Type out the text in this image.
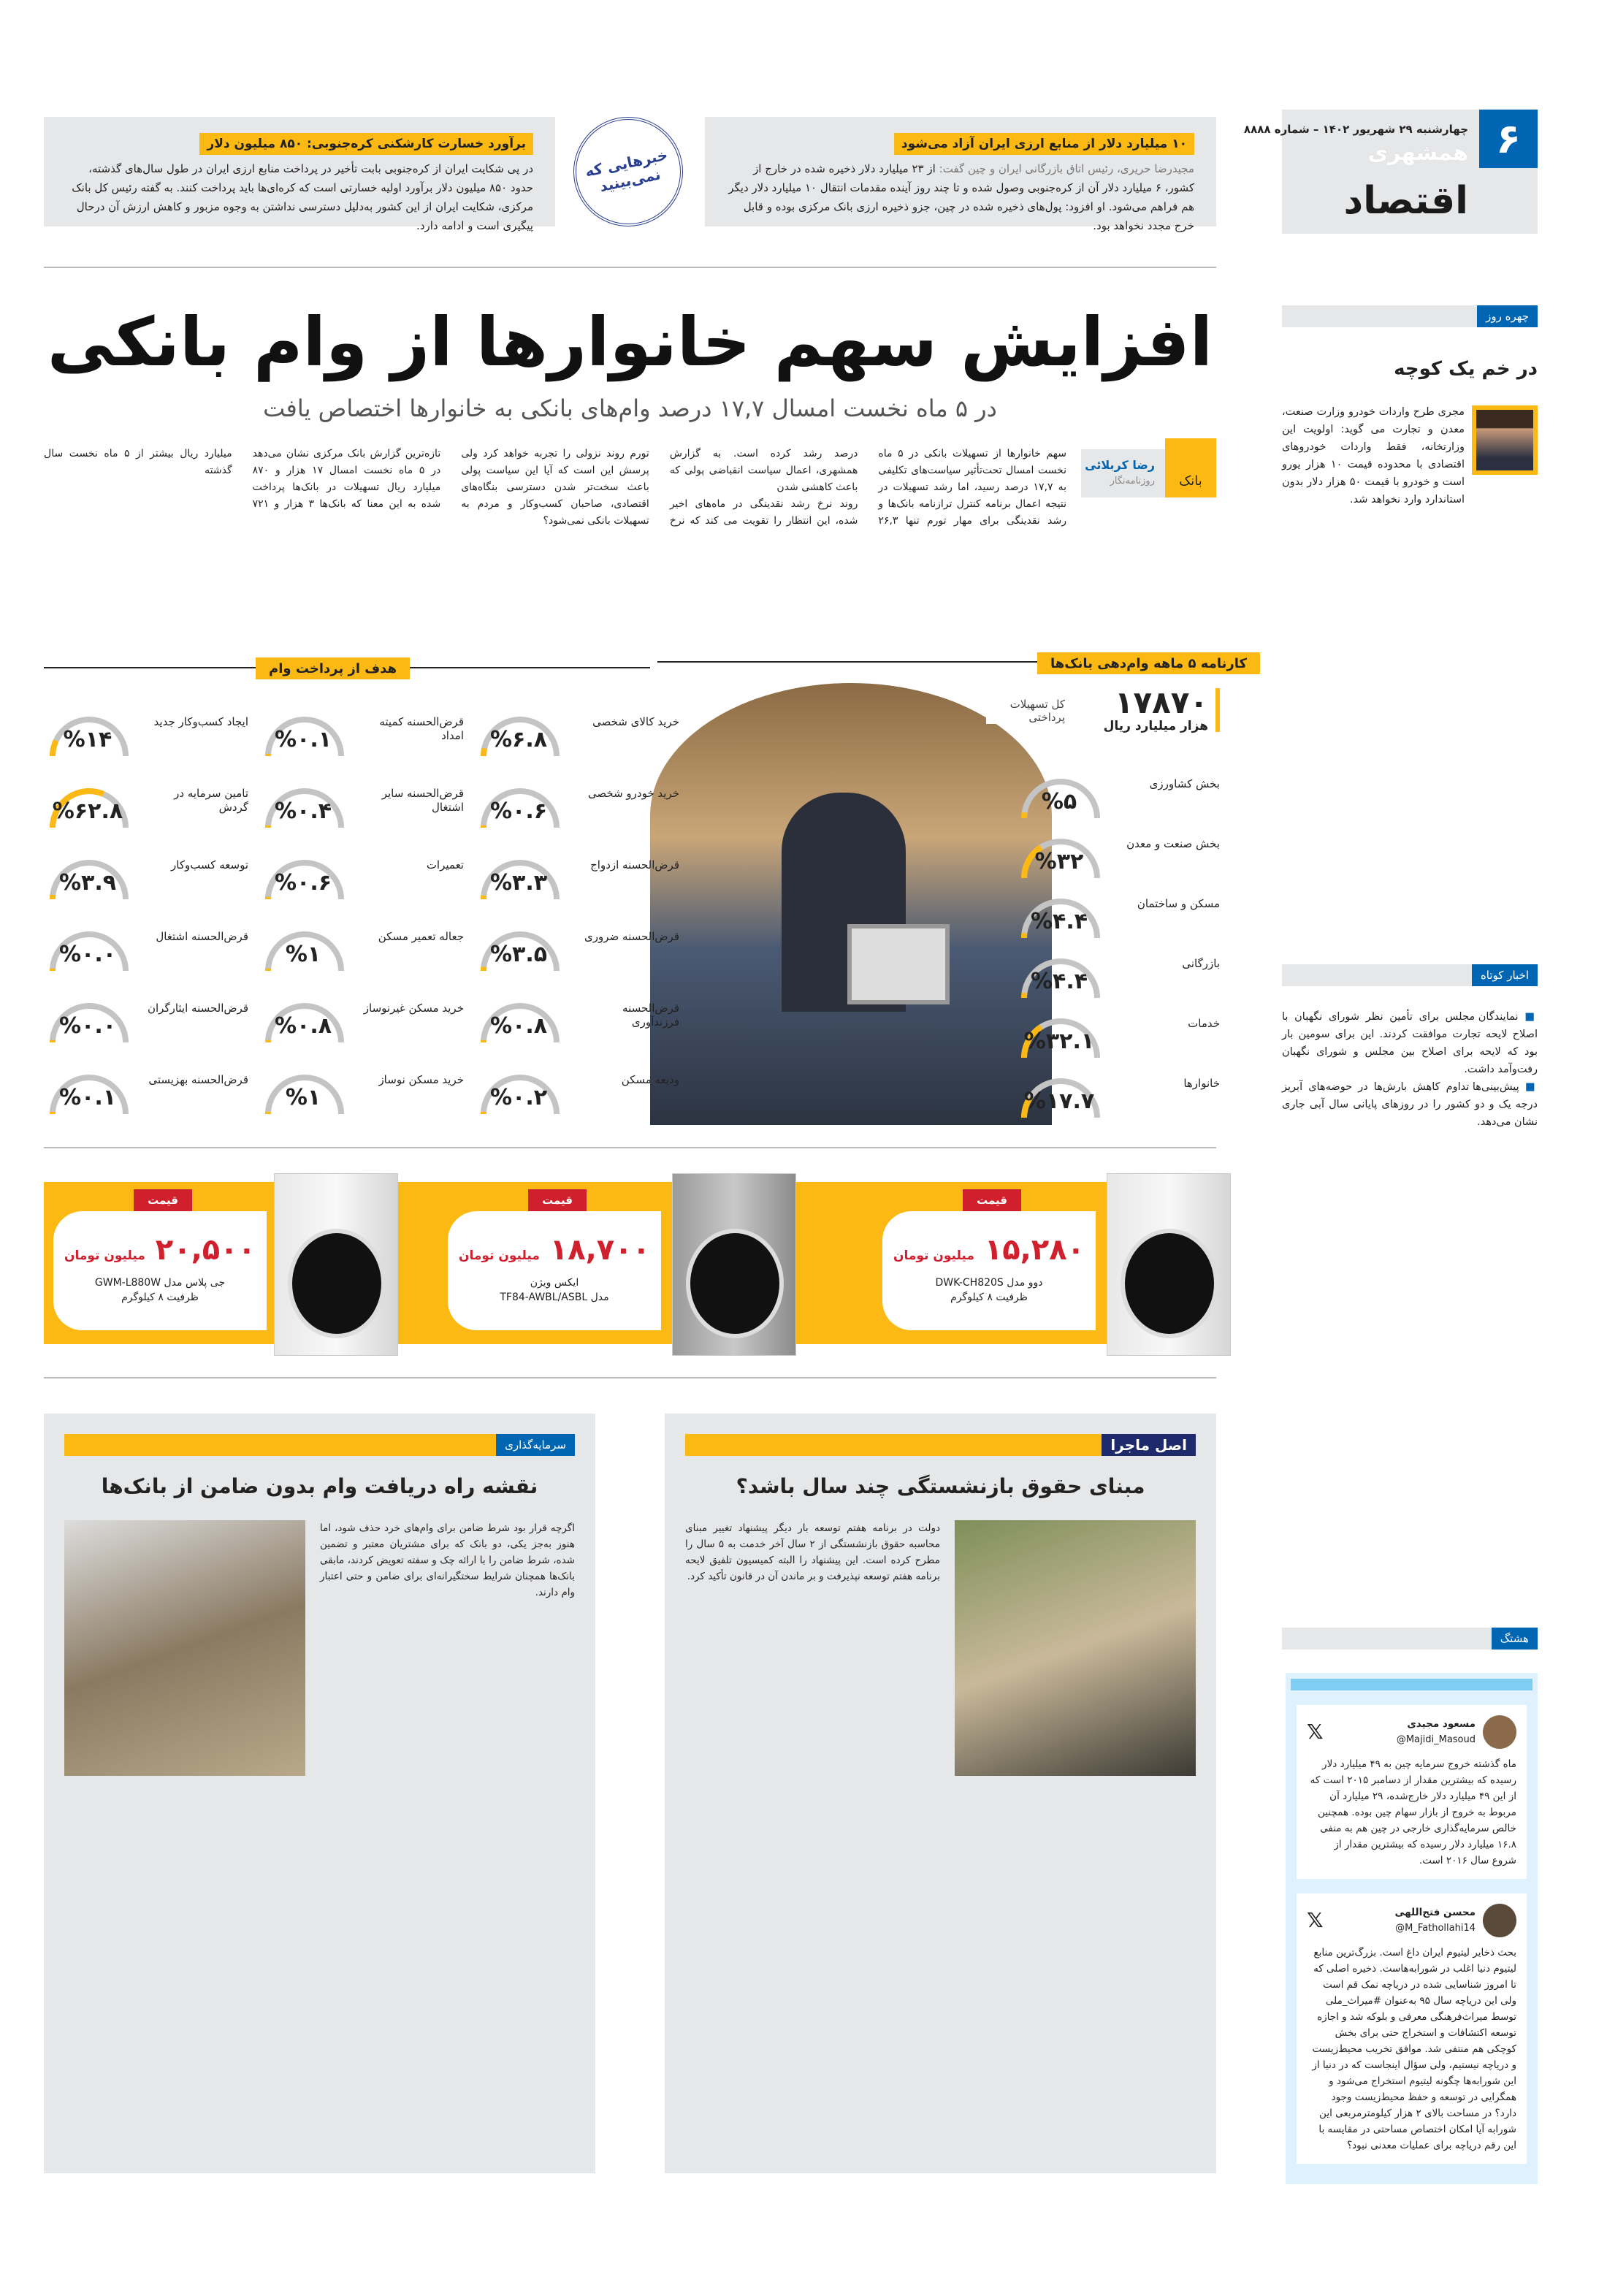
۶
چهارشنبه ۲۹ شهریور ۱۴۰۲ – شماره ۸۸۸۸
همشهری
اقتصاد
۱۰ میلیارد دلار از منابع ارزی ایران آزاد می‌شود
مجیدرضا حریری، رئیس اتاق بازرگانی ایران و چین گفت: از ۲۳ میلیارد دلار ذخیره شده در خارج از کشور، ۶ میلیارد دلار آن از کره‌جنوبی وصول شده و تا چند روز آینده مقدمات انتقال ۱۰ میلیارد دلار دیگر هم فراهم می‌شود. او افزود: پول‌های ذخیره شده در چین، جزو ذخیره ارزی بانک مرکزی بوده و قابل خرج مجدد نخواهد بود.
خبرهایی که نمی‌بینید
برآورد خسارت کارشکنی کره‌جنوبی: ۸۵۰ میلیون دلار
در پی شکایت ایران از کره‌جنوبی بابت تأخیر در پرداخت منابع ارزی ایران در طول سال‌های گذشته، حدود ۸۵۰ میلیون دلار برآورد اولیه خسارتی است که کره‌ای‌ها باید پرداخت کنند. به گفته رئیس کل بانک مرکزی، شکایت ایران از این کشور به‌دلیل دسترسی نداشتن به وجوه مزبور و کاهش ارزش آن درحال پیگیری است و ادامه دارد.
افزایش سهم خانوارها از وام بانکی
در ۵ ماه نخست امسال ۱۷,۷ درصد وام‌های بانکی به خانوارها اختصاص یافت
بانک
رضا کربلائی
روزنامه‌نگار

سهم خانوارها از تسهیلات بانکی در ۵ ماه نخست امسال تحت‌تأثیر سیاست‌های تکلیفی به ۱۷,۷ درصد رسید، اما رشد تسهیلات در نتیجه اعمال برنامه کنترل ترازنامه بانک‌ها و رشد نقدینگی برای مهار تورم تنها ۲۶,۳ درصد رشد کرده است. به گزارش همشهری، اعمال سیاست انقباضی پولی که باعث کاهشی شدن

روند نرخ رشد نقدینگی در ماه‌های اخیر شده، این انتظار را تقویت می کند که نرخ تورم روند نزولی را تجربه خواهد کرد ولی پرسش این است که آیا این سیاست پولی باعث سخت‌تر شدن دسترسی بنگاه‌های اقتصادی، صاحبان کسب‌وکار و مردم به تسهیلات بانکی نمی‌شود؟

تازه‌ترین گزارش بانک مرکزی نشان می‌دهد در ۵ ماه نخست امسال ۱۷ هزار و ۸۷۰ میلیارد ریال تسهیلات در بانک‌ها پرداخت شده به این معنا که بانک‌ها ۳ هزار و ۷۲۱ میلیارد ریال بیشتر از ۵ ماه نخست سال گذشته

کارنامه ۵ ماهه وام‌دهی بانک‌ها
هدف از پرداخت وام
۱۷۸۷۰
هزار میلیارد ریال
کل تسهیلات پرداختی
%۵
بخش کشاورزی
%۳۲
بخش صنعت و معدن
%۴.۴
مسکن و ساختمان
%۴.۴
بازرگانی
%۳۲.۱
خدمات
%۱۷.۷
خانوارها
%۶.۸
خرید کالای شخصی
%۰.۶
خرید خودرو شخصی
%۳.۳
قرض‌الحسنه ازدواج
%۳.۵
قرض‌الحسنه ضروری
%۰.۸
قرض‌الحسنه فرزندآوری
%۰.۲
ودیعه مسکن
%۰.۱
قرض‌الحسنه کمیته امداد
%۰.۴
قرض‌الحسنه سایر اشتغال
%۰.۶
تعمیرات
%۱
جعاله تعمیر مسکن
%۰.۸
خرید مسکن غیرنوساز
%۱
خرید مسکن نوساز
%۱۴
ایجاد کسب‌وکار جدید
%۶۲.۸
تامین سرمایه در گردش
%۳.۹
توسعه کسب‌وکار
%۰.۰
قرض‌الحسنه اشتغال
%۰.۰
قرض‌الحسنه ایثارگران
%۰.۱
قرض‌الحسنه بهزیستی
قیمت
۱۵,۲۸۰ میلیون تومان
دوو مدل DWK-CH820S
ظرفیت ۸ کیلوگرم
قیمت
۱۸,۷۰۰ میلیون تومان
ایکس ویژن
مدل TF84-AWBL/ASBL
قیمت
۲۰,۵۰۰ میلیون تومان
جی پلاس مدل GWM-L880W
ظرفیت ۸ کیلوگرم
اصل ماجرا
مبنای حقوق بازنشستگی چند سال باشد؟

دولت در برنامه هفتم توسعه بار دیگر پیشنهاد تغییر مبنای محاسبه حقوق بازنشستگی از ۲ سال آخر خدمت به ۵ سال را مطرح کرده است. این پیشنهاد را البته کمیسیون تلفیق لایحه برنامه هفتم توسعه نپذیرفت و بر ماندن آن در قانون تأکید کرد.

سرمایه‌گذاری
نقشه راه دریافت وام بدون ضامن از بانک‌ها

اگرچه قرار بود شرط ضامن برای وام‌های خرد حذف شود، اما هنوز به‌جز یکی، دو بانک که برای مشتریان معتبر و تضمین شده، شرط ضامن را با ارائه چک و سفته تعویض کردند، مابقی بانک‌ها همچنان شرایط سختگیرانه‌ای برای ضامن و حتی اعتبار وام دارند.

چهره روز
در خم یک کوچه
مجری طرح واردات خودرو وزارت صنعت، معدن و تجارت می گوید: اولویت این وزارتخانه، فقط واردات خودروهای اقتصادی با محدوده قیمت ۱۰ هزار یورو است و خودرو با قیمت ۵۰ هزار دلار بدون استاندارد وارد نخواهد شد.
اخبار کوتاه

■ نمایندگان مجلس برای تأمین نظر شورای نگهبان با اصلاح لایحه تجارت موافقت کردند. این برای سومین بار بود که لایحه برای اصلاح بین مجلس و شورای نگهبان رفت‌وآمد داشت.

■ پیش‌بینی‌ها تداوم کاهش بارش‌ها در حوضه‌های آبریز درجه یک و دو کشور را در روزهای پایانی سال آبی جاری نشان می‌دهد.

هشتگ
مسعود مجیدی
@Majidi_Masoud
𝕏
ماه گذشته خروج سرمایه چین به ۴۹ میلیارد دلار رسیده که بیشترین مقدار از دسامبر ۲۰۱۵ است که از این ۴۹ میلیارد دلار خارج‌شده، ۲۹ میلیارد آن مربوط به خروج از بازار سهام چین بوده. همچنین خالص سرمایه‌گذاری خارجی در چین هم به منفی ۱۶.۸ میلیارد دلار رسیده که بیشترین مقدار از شروع سال ۲۰۱۶ است.
محسن فتح‌اللهی
@M_Fathollahi14
𝕏
بحث ذخایر لیتیوم ایران داغ است. بزرگ‌ترین منابع لیتیوم دنیا اغلب در شورابه‌هاست. ذخیره اصلی که تا امروز شناسایی شده در دریاچه نمک قم است ولی این دریاچه سال ۹۵ به‌عنوان #میراث_ملی توسط میراث‌فرهنگی معرفی و بلوکه شد و اجازه توسعه اکتشافات و استخراج حتی برای بخش کوچکی هم منتفی شد. موافق تخریب محیط‌زیست و دریاچه نیستیم، ولی سؤال اینجاست که در دنیا از این شورابه‌ها چگونه لیتیوم استخراج می‌شود و همگرایی در توسعه و حفظ محیط‌زیست وجود دارد؟ در مساحت بالای ۲ هزار کیلومترمربعی این شورابه آیا امکان اختصاص مساحتی در مقایسه با این رقم دریاچه برای عملیات معدنی نبود؟
